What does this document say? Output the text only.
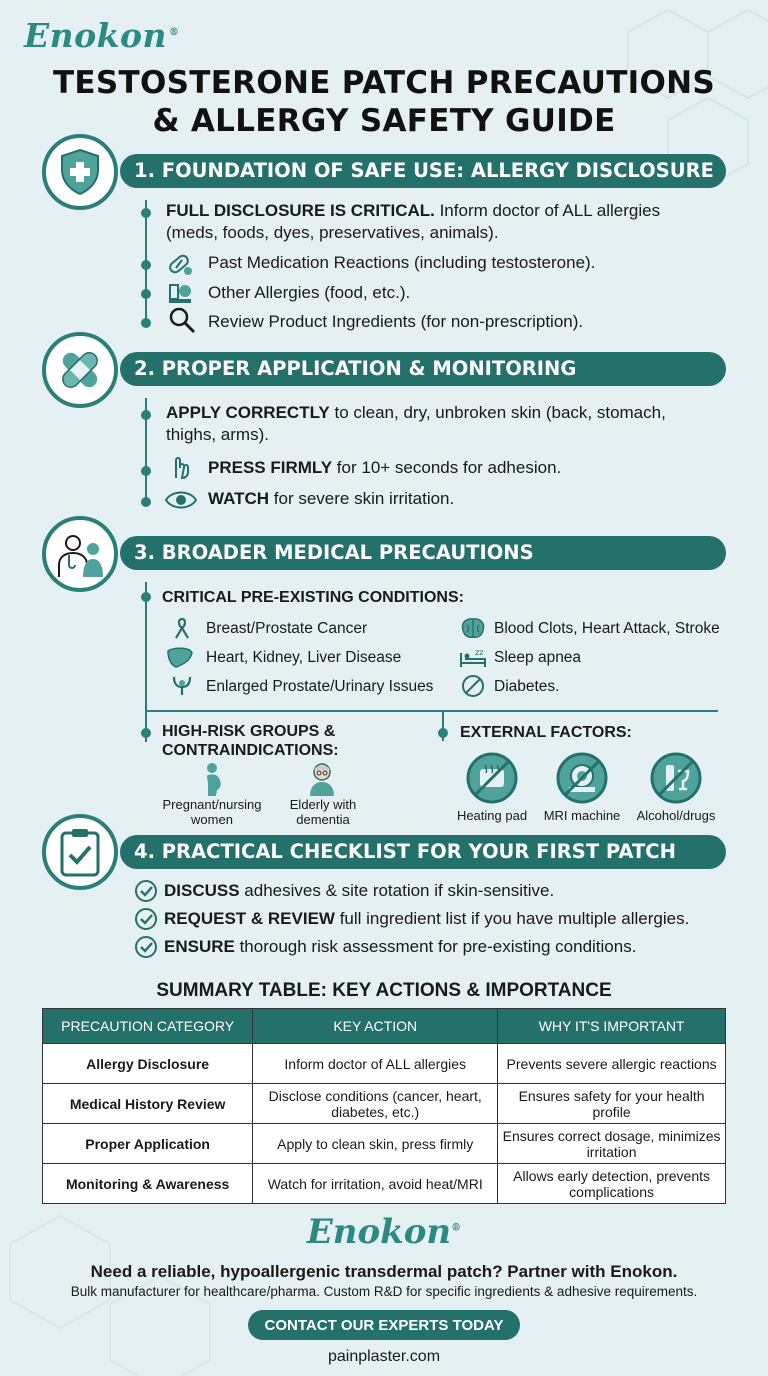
Enokon ®
TESTOSTERONE PATCH PRECAUTIONS
& ALLERGY SAFETY GUIDE
1. FOUNDATION OF SAFE USE: ALLERGY DISCLOSURE
FULL DISCLOSURE IS CRITICAL. Inform doctor of ALL allergies
(meds, foods, dyes, preservatives, animals).
Past Medication Reactions (including testosterone).
Other Allergies (food, etc.).
Review Product Ingredients (for non-prescription).
2. PROPER APPLICATION & MONITORING
APPLY CORRECTLY to clean, dry, unbroken skin (back, stomach,
thighs, arms).
PRESS FIRMLY for 10+ seconds for adhesion.
WATCH for severe skin irritation.
3. BROADER MEDICAL PRECAUTIONS
CRITICAL PRE-EXISTING CONDITIONS:
Breast/Prostate Cancer
Heart, Kidney, Liver Disease
Enlarged Prostate/Urinary Issues
Blood Clots, Heart Attack, Stroke
zz Sleep apnea
Diabetes.
HIGH-RISK GROUPS &
CONTRAINDICATIONS:
EXTERNAL FACTORS:
Pregnant/nursing
women
Elderly with
dementia	Heating pad	MRI machine	Alcohol/drugs
4. PRACTICAL CHECKLIST FOR YOUR FIRST PATCH
DISCUSS adhesives & site rotation if skin-sensitive.
REQUEST & REVIEW full ingredient list if you have multiple allergies.
ENSURE thorough risk assessment for pre-existing conditions.
SUMMARY TABLE: KEY ACTIONS & IMPORTANCE
PRECAUTION CATEGORY	KEY ACTION	WHY IT'S IMPORTANT
Allergy Disclosure	Inform doctor of ALL allergies	Prevents severe allergic reactions
Medical History Review	Disclose conditions (cancer, heart, diabetes, etc.)	Ensures safety for your health profile
Proper Application	Apply to clean skin, press firmly	Ensures correct dosage, minimizes irritation
Monitoring & Awareness	Watch for irritation, avoid heat/MRI	Allows early detection, prevents complications
Enokon®
Need a reliable, hypoallergenic transdermal patch? Partner with Enokon.
Bulk manufacturer for healthcare/pharma. Custom R&D for specific ingredients & adhesive requirements.
CONTACT OUR EXPERTS TODAY
painplaster.com
